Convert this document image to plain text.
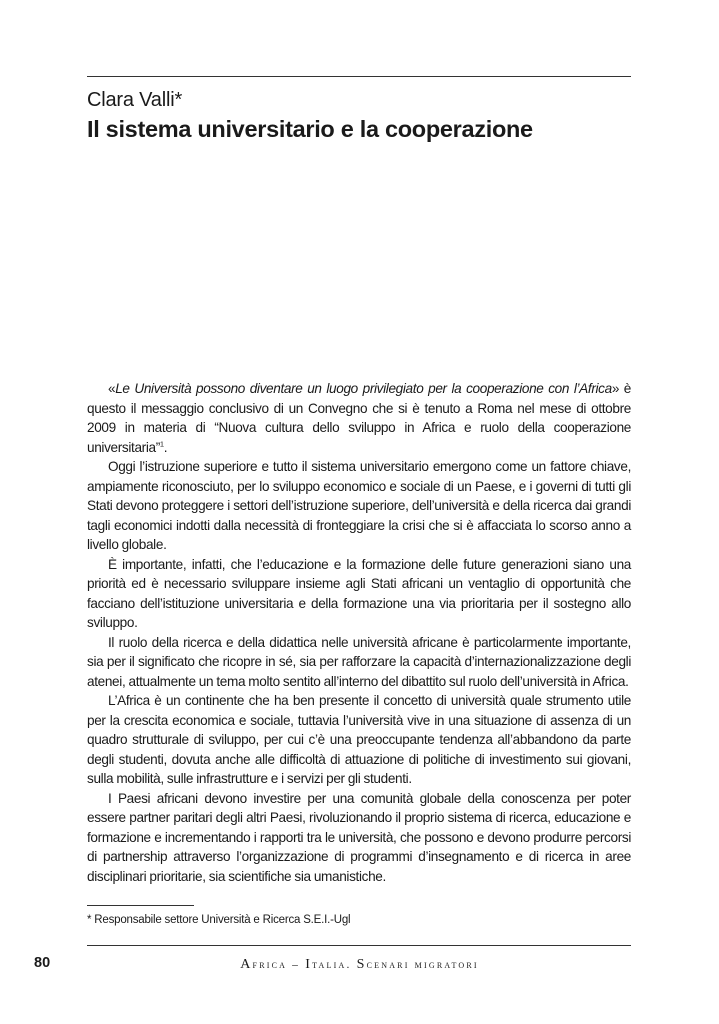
Clara Valli*
Il sistema universitario e la cooperazione

«Le Università possono diventare un luogo privilegiato per la cooperazione con l’Africa» è questo il messaggio conclusivo di un Convegno che si è tenuto a Roma nel mese di ottobre 2009 in materia di “Nuova cultura dello sviluppo in Africa e ruolo della cooperazione universitaria”$^1$.

Oggi l’istruzione superiore e tutto il sistema universitario emergono come un fattore chiave, ampiamente riconosciuto, per lo sviluppo economico e sociale di un Paese, e i governi di tutti gli Stati devono proteggere i settori dell’istruzione superiore, dell’università e della ricerca dai grandi tagli economici indotti dalla necessità di fronteggiare la crisi che si è affacciata lo scorso anno a livello globale.

È importante, infatti, che l’educazione e la formazione delle future generazioni siano una priorità ed è necessario sviluppare insieme agli Stati africani un ventaglio di opportunità che facciano dell’istituzione universitaria e della formazione una via prioritaria per il sostegno allo sviluppo.

Il ruolo della ricerca e della didattica nelle università africane è particolarmente importante, sia per il significato che ricopre in sé, sia per rafforzare la capacità d’internazionalizzazione degli atenei, attualmente un tema molto sentito all’interno del dibattito sul ruolo dell’università in Africa.

L’Africa è un continente che ha ben presente il concetto di università quale strumento utile per la crescita economica e sociale, tuttavia l’università vive in una situazione di assenza di un quadro strutturale di sviluppo, per cui c’è una preoccupante tendenza all’abbandono da parte degli studenti, dovuta anche alle difficoltà di attuazione di politiche di investimento sui giovani, sulla mobilità, sulle infrastrutture e i servizi per gli studenti.

I Paesi africani devono investire per una comunità globale della conoscenza per poter essere partner paritari degli altri Paesi, rivoluzionando il proprio sistema di ricerca, educazione e formazione e incrementando i rapporti tra le università, che possono e devono produrre percorsi di partnership attraverso l’organizzazione di programmi d’insegnamento e di ricerca in aree disciplinari prioritarie, sia scientifiche sia umanistiche.

* Responsabile settore Università e Ricerca S.E.I.-Ugl
80	Africa – Italia. Scenari migratori
